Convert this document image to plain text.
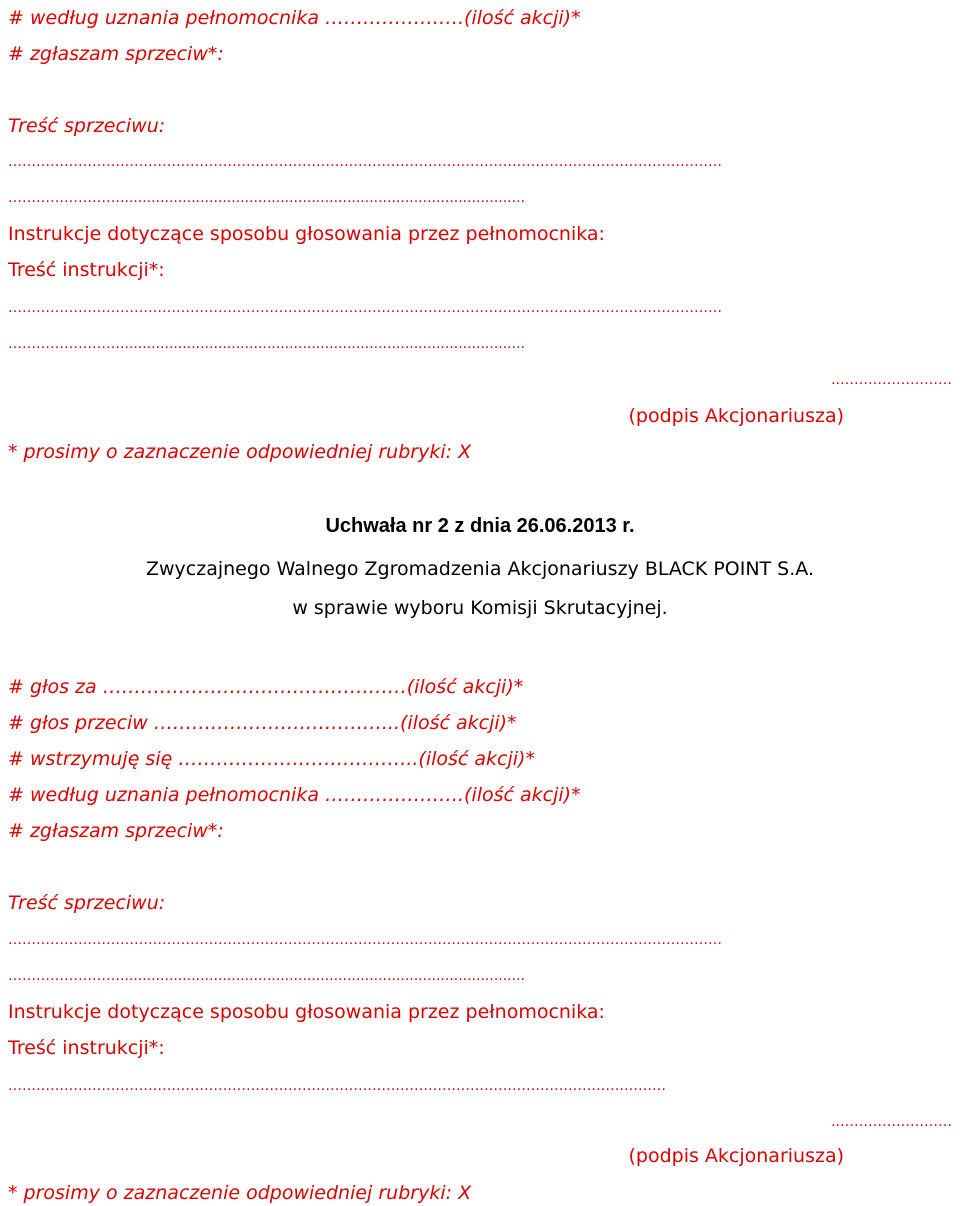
# według uznania pełnomocnika ………………….(ilość akcji)*
# zgłaszam sprzeciw*:
Treść sprzeciwu:
………………………………………………………………………………………………………………………………………
……………………...........................................................................................
Instrukcje dotyczące sposobu głosowania przez pełnomocnika:
Treść instrukcji*:
………………………………………………………………………………………………………………………………………
……………………...........................................................................................
..……………………
(podpis Akcjonariusza)
* prosimy o zaznaczenie odpowiedniej rubryki: X
Uchwała nr 2 z dnia 26.06.2013 r.
Zwyczajnego Walnego Zgromadzenia Akcjonariuszy BLACK POINT S.A.
w sprawie wyboru Komisji Skrutacyjnej.
# głos za …………………………………………(ilość akcji)*
# głos przeciw ………………………………...(ilość akcji)*
# wstrzymuję się ………………………………..(ilość akcji)*
# według uznania pełnomocnika ………………….(ilość akcji)*
# zgłaszam sprzeciw*:
Treść sprzeciwu:
………………………………………………………………………………………………………………………………………
……………………...........................................................................................
Instrukcje dotyczące sposobu głosowania przez pełnomocnika:
Treść instrukcji*:
……………………………………………………………………………………………………………………………
..……………………
(podpis Akcjonariusza)
* prosimy o zaznaczenie odpowiedniej rubryki: X
